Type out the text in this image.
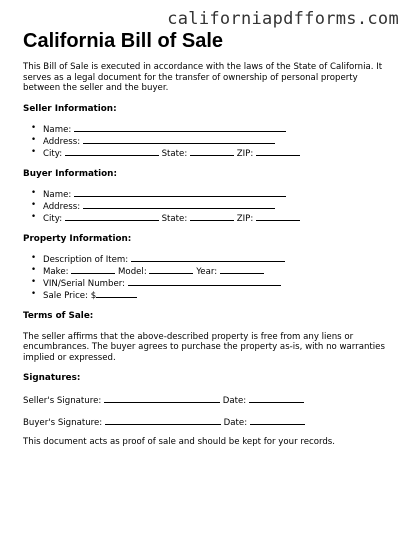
californiapdfforms.com
California Bill of Sale

This Bill of Sale is executed in accordance with the laws of the State of California. It serves as a legal document for the transfer of ownership of personal property between the seller and the buyer.

Seller Information:
• Name:
• Address:
• City:	State:	ZIP:
Buyer Information:
• Name:
• Address:
• City:	State:	ZIP:
Property Information:
• Description of Item:
• Make:	Model:	Year:
• VIN/Serial Number:
• Sale Price: $
Terms of Sale:

The seller affirms that the above-described property is free from any liens or encumbrances. The buyer agrees to purchase the property as-is, with no warranties implied or expressed.

Signatures:
Seller's Signature:	Date:
Buyer's Signature:	Date:

This document acts as proof of sale and should be kept for your records.
